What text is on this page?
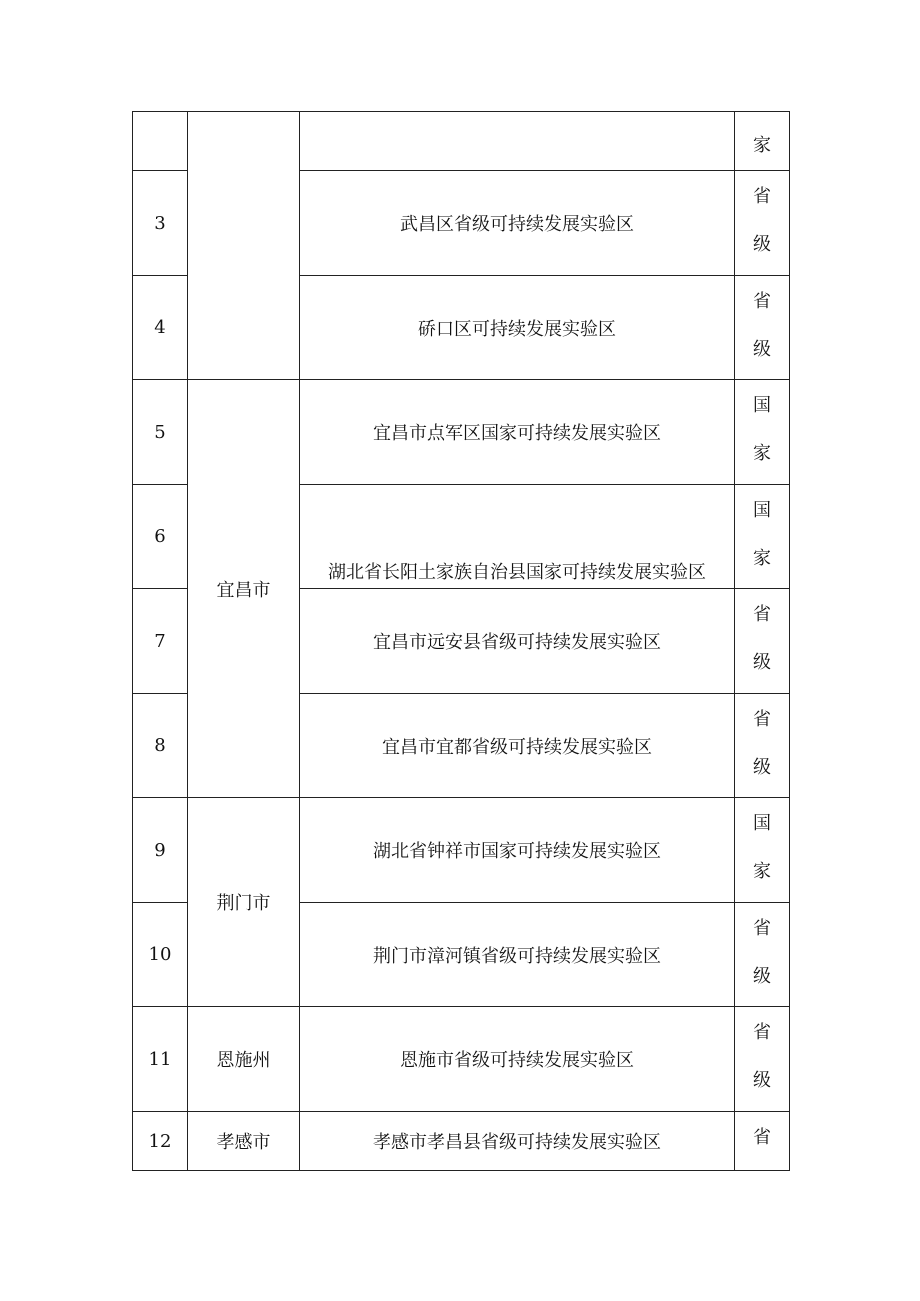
			家
3		武昌区省级可持续发展实验区	省级
4		硚口区可持续发展实验区	省级
5	宜昌市	宜昌市点军区国家可持续发展实验区	国家
6		湖北省长阳土家族自治县国家可持续发展实验区	国家
7		宜昌市远安县省级可持续发展实验区	省级
8		宜昌市宜都省级可持续发展实验区	省级
9	荆门市	湖北省钟祥市国家可持续发展实验区	国家
10		荆门市漳河镇省级可持续发展实验区	省级
11	恩施州	恩施市省级可持续发展实验区	省级
12	孝感市	孝感市孝昌县省级可持续发展实验区	省
